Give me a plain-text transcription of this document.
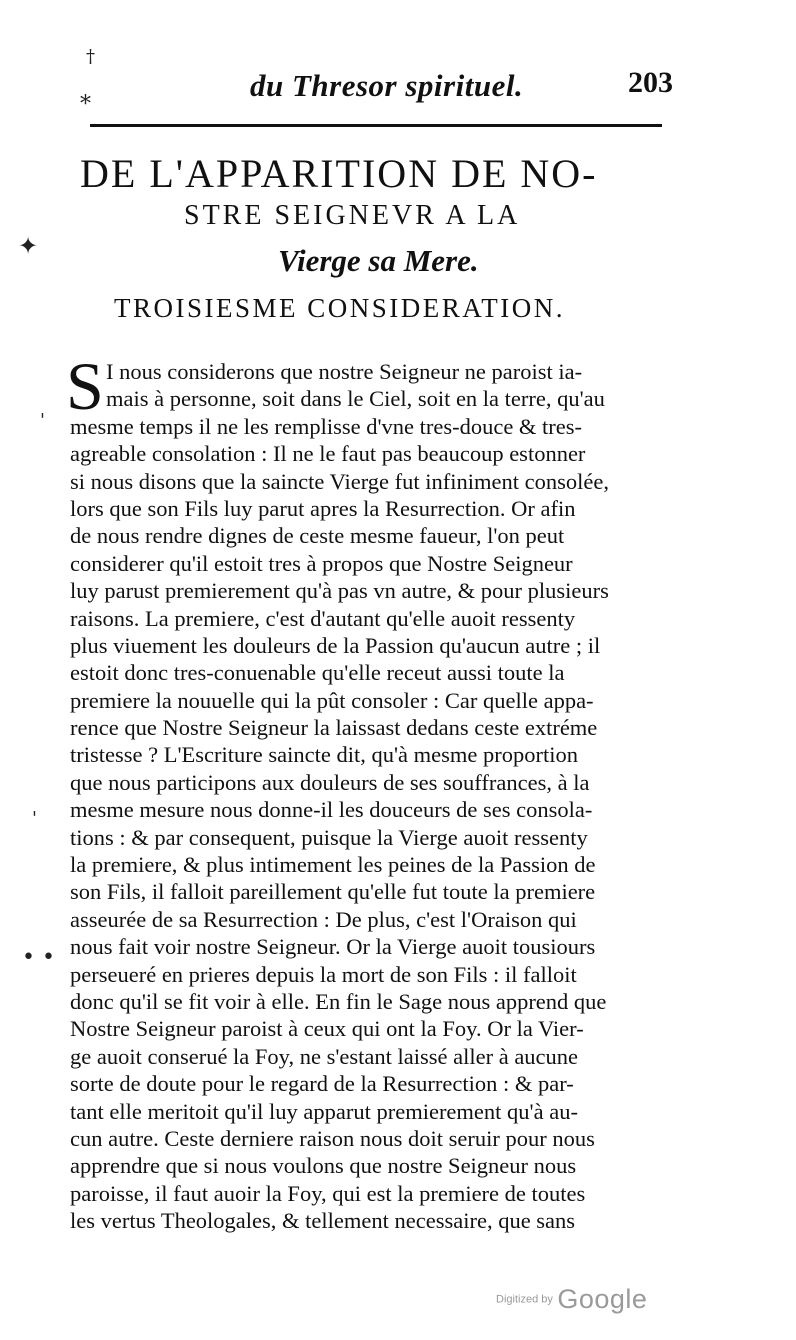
†
*
✦
• •
'
'
du Thresor spirituel.	203
DE L'APPARITION DE NO-
STRE SEIGNEVR A LA
Vierge sa Mere.
TROISIESME CONSIDERATION.
S I nous considerons que nostre Seigneur ne paroist ia-
mais à personne, soit dans le Ciel, soit en la terre, qu'au
mesme temps il ne les remplisse d'vne tres-douce & tres-
agreable consolation : Il ne le faut pas beaucoup estonner
si nous disons que la saincte Vierge fut infiniment consolée,
lors que son Fils luy parut apres la Resurrection. Or afin
de nous rendre dignes de ceste mesme faueur, l'on peut
considerer qu'il estoit tres à propos que Nostre Seigneur
luy parust premierement qu'à pas vn autre, & pour plusieurs
raisons. La premiere, c'est d'autant qu'elle auoit ressenty
plus viuement les douleurs de la Passion qu'aucun autre ; il
estoit donc tres-conuenable qu'elle receut aussi toute la
premiere la nouuelle qui la pût consoler : Car quelle appa-
rence que Nostre Seigneur la laissast dedans ceste extréme
tristesse ? L'Escriture saincte dit, qu'à mesme proportion
que nous participons aux douleurs de ses souffrances, à la
mesme mesure nous donne-il les douceurs de ses consola-
tions : & par consequent, puisque la Vierge auoit ressenty
la premiere, & plus intimement les peines de la Passion de
son Fils, il falloit pareillement qu'elle fut toute la premiere
asseurée de sa Resurrection : De plus, c'est l'Oraison qui
nous fait voir nostre Seigneur. Or la Vierge auoit tousiours
perseueré en prieres depuis la mort de son Fils : il falloit
donc qu'il se fit voir à elle. En fin le Sage nous apprend que
Nostre Seigneur paroist à ceux qui ont la Foy. Or la Vier-
ge auoit conserué la Foy, ne s'estant laissé aller à aucune
sorte de doute pour le regard de la Resurrection : & par-
tant elle meritoit qu'il luy apparut premierement qu'à au-
cun autre. Ceste derniere raison nous doit seruir pour nous
apprendre que si nous voulons que nostre Seigneur nous
paroisse, il faut auoir la Foy, qui est la premiere de toutes
les vertus Theologales, & tellement necessaire, que sans
Digitized by Google
